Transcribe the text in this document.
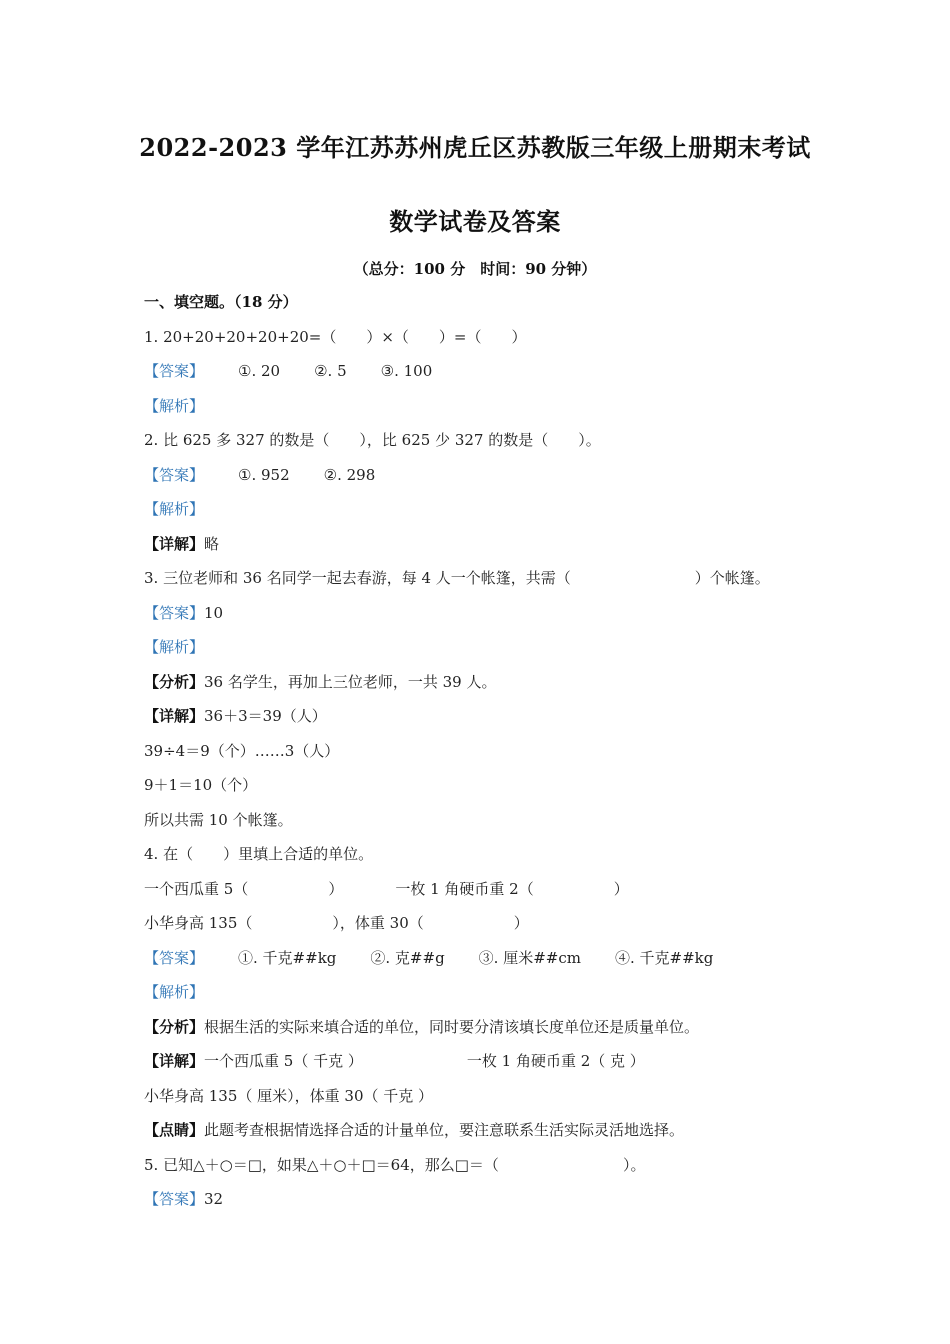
2022-2023 学年江苏苏州虎丘区苏教版三年级上册期末考试
数学试卷及答案
（总分：100 分　时间：90 分钟）
一、填空题。（18 分）
1. 20+20+20+20+20=（　　）×（　　）=（　　）
【答案】 ①. 20 ②. 5 ③. 100
【解析】
2. 比 625 多 327 的数是（　　），比 625 少 327 的数是（　　）。
【答案】 ①. 952 ②. 298
【解析】
【详解】略
3. 三位老师和 36 名同学一起去春游，每 4 人一个帐篷，共需（	）个帐篷。
【答案】10
【解析】
【分析】36 名学生，再加上三位老师，一共 39 人。
【详解】36＋3＝39（人）
39÷4＝9（个）……3（人）
9＋1＝10（个）
所以共需 10 个帐篷。
4. 在（　　）里填上合适的单位。
一个西瓜重 5（	）	一枚 1 角硬币重 2（	）
小华身高 135（	），体重 30（	）
【答案】 ①. 千克##kg ②. 克##g ③. 厘米##cm ④. 千克##kg
【解析】
【分析】根据生活的实际来填合适的单位，同时要分清该填长度单位还是质量单位。
【详解】一个西瓜重 5（ 千克 ）	一枚 1 角硬币重 2（ 克 ）
小华身高 135（ 厘米），体重 30（ 千克 ）
【点睛】此题考查根据情选择合适的计量单位，要注意联系生活实际灵活地选择。
5. 已知△＋○＝□，如果△＋○＋□＝64，那么□＝（	）。
【答案】32
